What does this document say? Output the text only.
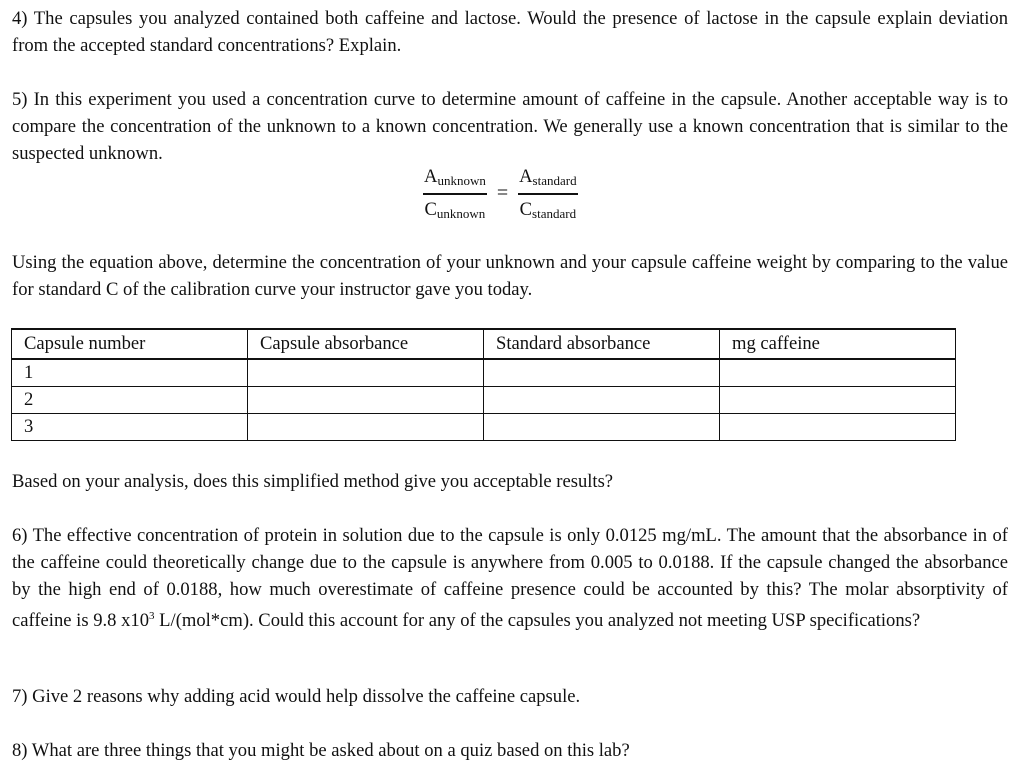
4) The capsules you analyzed contained both caffeine and lactose. Would the presence of lactose in the capsule explain deviation from the accepted standard concentrations? Explain.

5) In this experiment you used a concentration curve to determine amount of caffeine in the capsule. Another acceptable way is to compare the concentration of the unknown to a known concentration. We generally use a known concentration that is similar to the suspected unknown.

$\frac{\text{Aunknown}}{\text{Cunknown}} = \frac{\text{Astandard}}{\text{Cstandard}}$

Using the equation above, determine the concentration of your unknown and your capsule caffeine weight by comparing to the value for standard C of the calibration curve your instructor gave you today.

Capsule number	Capsule absorbance	Standard absorbance	mg caffeine
1			
2			
3			

Based on your analysis, does this simplified method give you acceptable results?

6) The effective concentration of protein in solution due to the capsule is only 0.0125 mg/mL. The amount that the absorbance in of the caffeine could theoretically change due to the capsule is anywhere from 0.005 to 0.0188. If the capsule changed the absorbance by the high end of 0.0188, how much overestimate of caffeine presence could be accounted by this? The molar absorptivity of caffeine is 9.8 $x10^3$ L/(mol*cm). Could this account for any of the capsules you analyzed not meeting USP specifications?

7) Give 2 reasons why adding acid would help dissolve the caffeine capsule.

8) What are three things that you might be asked about on a quiz based on this lab?
